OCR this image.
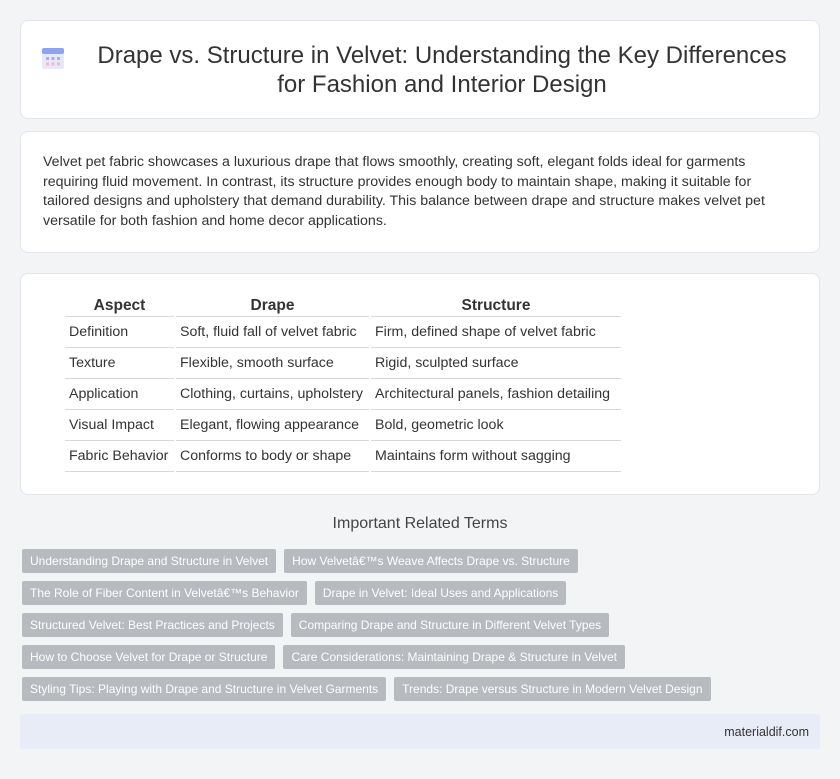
Drape vs. Structure in Velvet: Understanding the Key Differences for Fashion and Interior Design

Velvet pet fabric showcases a luxurious drape that flows smoothly, creating soft, elegant folds ideal for garments requiring fluid movement. In contrast, its structure provides enough body to maintain shape, making it suitable for tailored designs and upholstery that demand durability. This balance between drape and structure makes velvet pet versatile for both fashion and home decor applications.

Aspect	Drape	Structure
Definition	Soft, fluid fall of velvet fabric	Firm, defined shape of velvet fabric
Texture	Flexible, smooth surface	Rigid, sculpted surface
Application	Clothing, curtains, upholstery	Architectural panels, fashion detailing
Visual Impact	Elegant, flowing appearance	Bold, geometric look
Fabric Behavior	Conforms to body or shape	Maintains form without sagging
Important Related Terms
Understanding Drape and Structure in Velvet	How Velvetâ€™s Weave Affects Drape vs. Structure
The Role of Fiber Content in Velvetâ€™s Behavior	Drape in Velvet: Ideal Uses and Applications
Structured Velvet: Best Practices and Projects	Comparing Drape and Structure in Different Velvet Types
How to Choose Velvet for Drape or Structure	Care Considerations: Maintaining Drape & Structure in Velvet
Styling Tips: Playing with Drape and Structure in Velvet Garments	Trends: Drape versus Structure in Modern Velvet Design
materialdif.com
